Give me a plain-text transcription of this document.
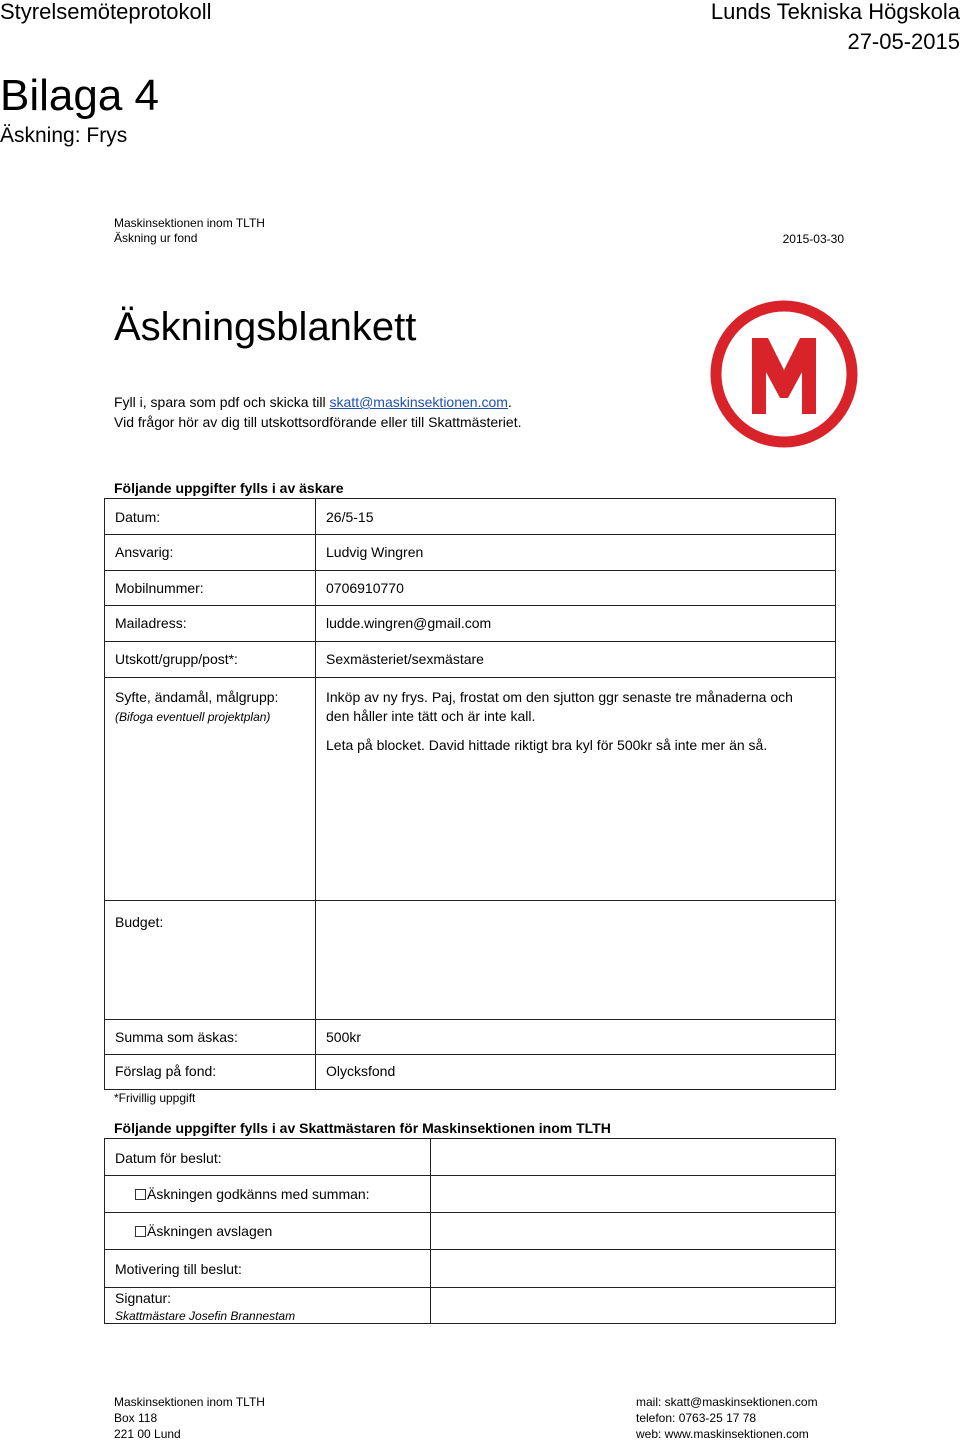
Styrelsemöteprotokoll	Lunds Tekniska Högskola
27-05-2015
Bilaga 4
Äskning: Frys
Maskinsektionen inom TLTH
Äskning ur fond	2015-03-30
Äskningsblankett
Fyll i, spara som pdf och skicka till skatt@maskinsektionen.com.
Vid frågor hör av dig till utskottsordförande eller till Skattmästeriet.
Följande uppgifter fylls i av äskare
Datum:	26/5-15
Ansvarig:	Ludvig Wingren
Mobilnummer:	0706910770
Mailadress:	ludde.wingren@gmail.com
Utskott/grupp/post*:	Sexmästeriet/sexmästare
Syfte, ändamål, målgrupp:
(Bifoga eventuell projektplan)
Inköp av ny frys. Paj, frostat om den sjutton ggr senaste tre månaderna och den håller inte tätt och är inte kall.
Leta på blocket. David hittade riktigt bra kyl för 500kr så inte mer än så.
Budget:
Summa som äskas:	500kr
Förslag på fond:	Olycksfond
*Frivillig uppgift
Följande uppgifter fylls i av Skattmästaren för Maskinsektionen inom TLTH
Datum för beslut:
Äskningen godkänns med summan:
Äskningen avslagen
Motivering till beslut:
Signatur:
Skattmästare Josefin Brannestam
Maskinsektionen inom TLTH
Box 118
221 00 Lund
mail: skatt@maskinsektionen.com
telefon: 0763-25 17 78
web: www.maskinsektionen.com
